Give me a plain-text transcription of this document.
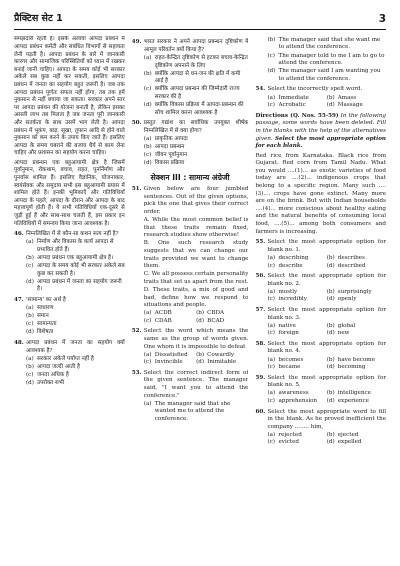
प्रैक्टिस सेट 1	3

समझदारी रहती है। इसके अलावा आपदा प्रबंधन में आपदा प्रबंधन कमेटी और संबंधित विभागों से सहायता लेनी पड़ती है। आपदा प्रबंधन के बारे में जानकारी कारगर और सामाजिक परिस्थितियों को ध्यान में रखकर बनाई जानी चाहिए। आपदा के समय कोई भी सरकार अकेले सब कुछ नहीं कर सकती, इसलिए आपदा प्रबंधन में जनता का सहयोग बहुत जरूरी है। जब तक आपदा प्रबंधन पूर्णतः सफल नहीं होगा, तब तक हमें नुकसान से नहीं बचाया जा सकता। सरकार अपने स्तर पर आपदा प्रबंधन की योजना बनाती है, लेकिन इसका असली लाभ तब मिलता है जब जनता पूरी जानकारी और सतर्कता के साथ उसमें भाग लेती है। आपदा प्रबंधन में भूकंप, बाढ़, सूखा, तूफान आदि से होने वाले नुकसान को कम करने के उपाय किए जाते हैं। इसलिए आपदा के समय घबराने की बजाय धैर्य से काम लेना चाहिए और प्रशासन का सहयोग करना चाहिए।

आपदा प्रबन्धन एक बहुआयामी क्षेत्र है जिसमें पूर्वानुमान, रोकथाम, बचाव, राहत, पुनर्निर्माण और पुनर्वास शामिल हैं। इसलिए वैज्ञानिक, योजनाकार, स्वयंसेवक और समुदाय सभी इस बहुआयामी प्रयास में शामिल होते हैं। इनकी भूमिकाएँ और गतिविधियाँ आपदा के पहले, आपदा के दौरान और आपदा के बाद महत्त्वपूर्ण होती हैं। ये सभी गतिविधियाँ एक-दूसरे से जुड़ी हुई हैं और साथ-साथ चलती हैं, इस प्रकार इन गतिविधियों में समन्वय किया जाना आवश्यक है।

46. निम्नलिखित में से कौन-सा कथन सत्य नहीं है?
(a) निर्माण और विकास के कार्य आपदा से प्रभावित होते हैं।
(b) आपदा प्रबंधन एक बहुआयामी क्षेत्र है।
(c) आपदा के समय कोई भी सरकार अकेले सब कुछ कर सकती है।
(d) आपदा प्रबंधन में जनता का सहयोग जरूरी है।
47. 'सामान्य' का अर्थ है
(a) साधारण
(b) समान
(c) सामान्यता
(d) विशेषता
48. आपदा प्रबंधन में जनता का सहयोग क्यों आवश्यक है?
(a) सरकार अकेले पर्याप्त नहीं है
(b) आपदा जल्दी आती है
(c) जनता अधिक है
(d) उपरोक्त सभी
49. भारत सरकार ने अपने आपदा प्रबन्धन दृष्टिकोण में आमूल परिवर्तन क्यों किया है?
(a) राहत-केन्द्रित दृष्टिकोण से हटकर बचाव-केन्द्रित दृष्टिकोण अपनाने के लिए
(b) क्योंकि आपदा से धन-जन की क्षति में कमी आई है
(c) क्योंकि आपदा प्रबन्धन की जिम्मेदारी राज्य सरकार की है
(d) क्योंकि विकास प्रक्रिया में आपदा-प्रबन्धन की सोच शामिल करना आवश्यक है
50. प्रस्तुत गद्यांश का सर्वाधिक उपयुक्त शीर्षक निम्नलिखित में से क्या होगा?
(a) प्राकृतिक आपदा
(b) आपदा प्रबन्धन
(c) जीवन पूर्वानुमान
(d) विकास प्रक्रिया
सेक्शन III : सामान्य अंग्रेजी
51. Given below are four jumbled sentences. Out of the given options, pick the one that gives their correct order.
A. While the most common belief is that these traits remain fixed, research studies show otherwise!
B. One such research study suggests that we can change our traits provided we want to change them.
C. We all possess certain personality traits that set us apart from the rest.
D. These traits, a mix of good and bad, define how we respond to situations and people.
(a) ACDB	(b) CBDA
(c) CDAB	(d) BCAD
52. Select the word which means the same as the group of words given. One whom it is impossible to defeat
(a) Dissatisfied	(b) Cowardly
(c) Invincible	(d) Inimitable
53. Select the correct indirect form of the given sentence. The manager said, "I want you to attend the conference."
(a) The manager said that she wanted me to attend the conference.
(b) The manager said that she want me to attend the conference.
(c) The manager told to me I am to go to attend the conference.
(d) The manager said I am wanting you to attend the conference.
54. Select the incorrectly spelt word.
(a) Immediate	(b) Amass
(c) Acrobatic	(d) Massage

Directions (Q. Nos. 55-59) In the following passage, some words have been deleted. Fill in the blanks with the help of the alternatives given. Select the most appropriate option for each blank.

Red rice from Karnataka. Black rice from Gujarat. Red corn from Tamil Nadu. What you would ....(1)... as exotic varieties of food today are ....(2)... indigenous crops that belong to a specific region. Many such ....(3).... crops have gone extinct. Many more are on the brink. But with Indian households ....(4)... more conscious about healthy eating and the natural benefits of consuming local food, ....(5)... among both consumers and farmers is increasing.

55. Select the most appropriate option for blank no. 1.
(a) describing	(b) describes
(c) describe	(d) described
56. Select the most appropriate option for blank no. 2.
(a) mostly	(b) surprisingly
(c) incredibly	(d) openly
57. Select the most appropriate option for blank no. 3.
(a) native	(b) global
(c) foreign	(d) new
58. Select the most appropriate option for blank no. 4.
(a) becomes	(b) have become
(c) became	(d) becoming
59. Select the most appropriate option for blank no. 5.
(a) awareness	(b) intelligence
(c) apprehension	(d) experience
60. Select the most appropriate word to fill in the blank. As he proved inefficient the company ........ him,
(a) rejected	(b) ejected
(c) evicted	(d) expelled
